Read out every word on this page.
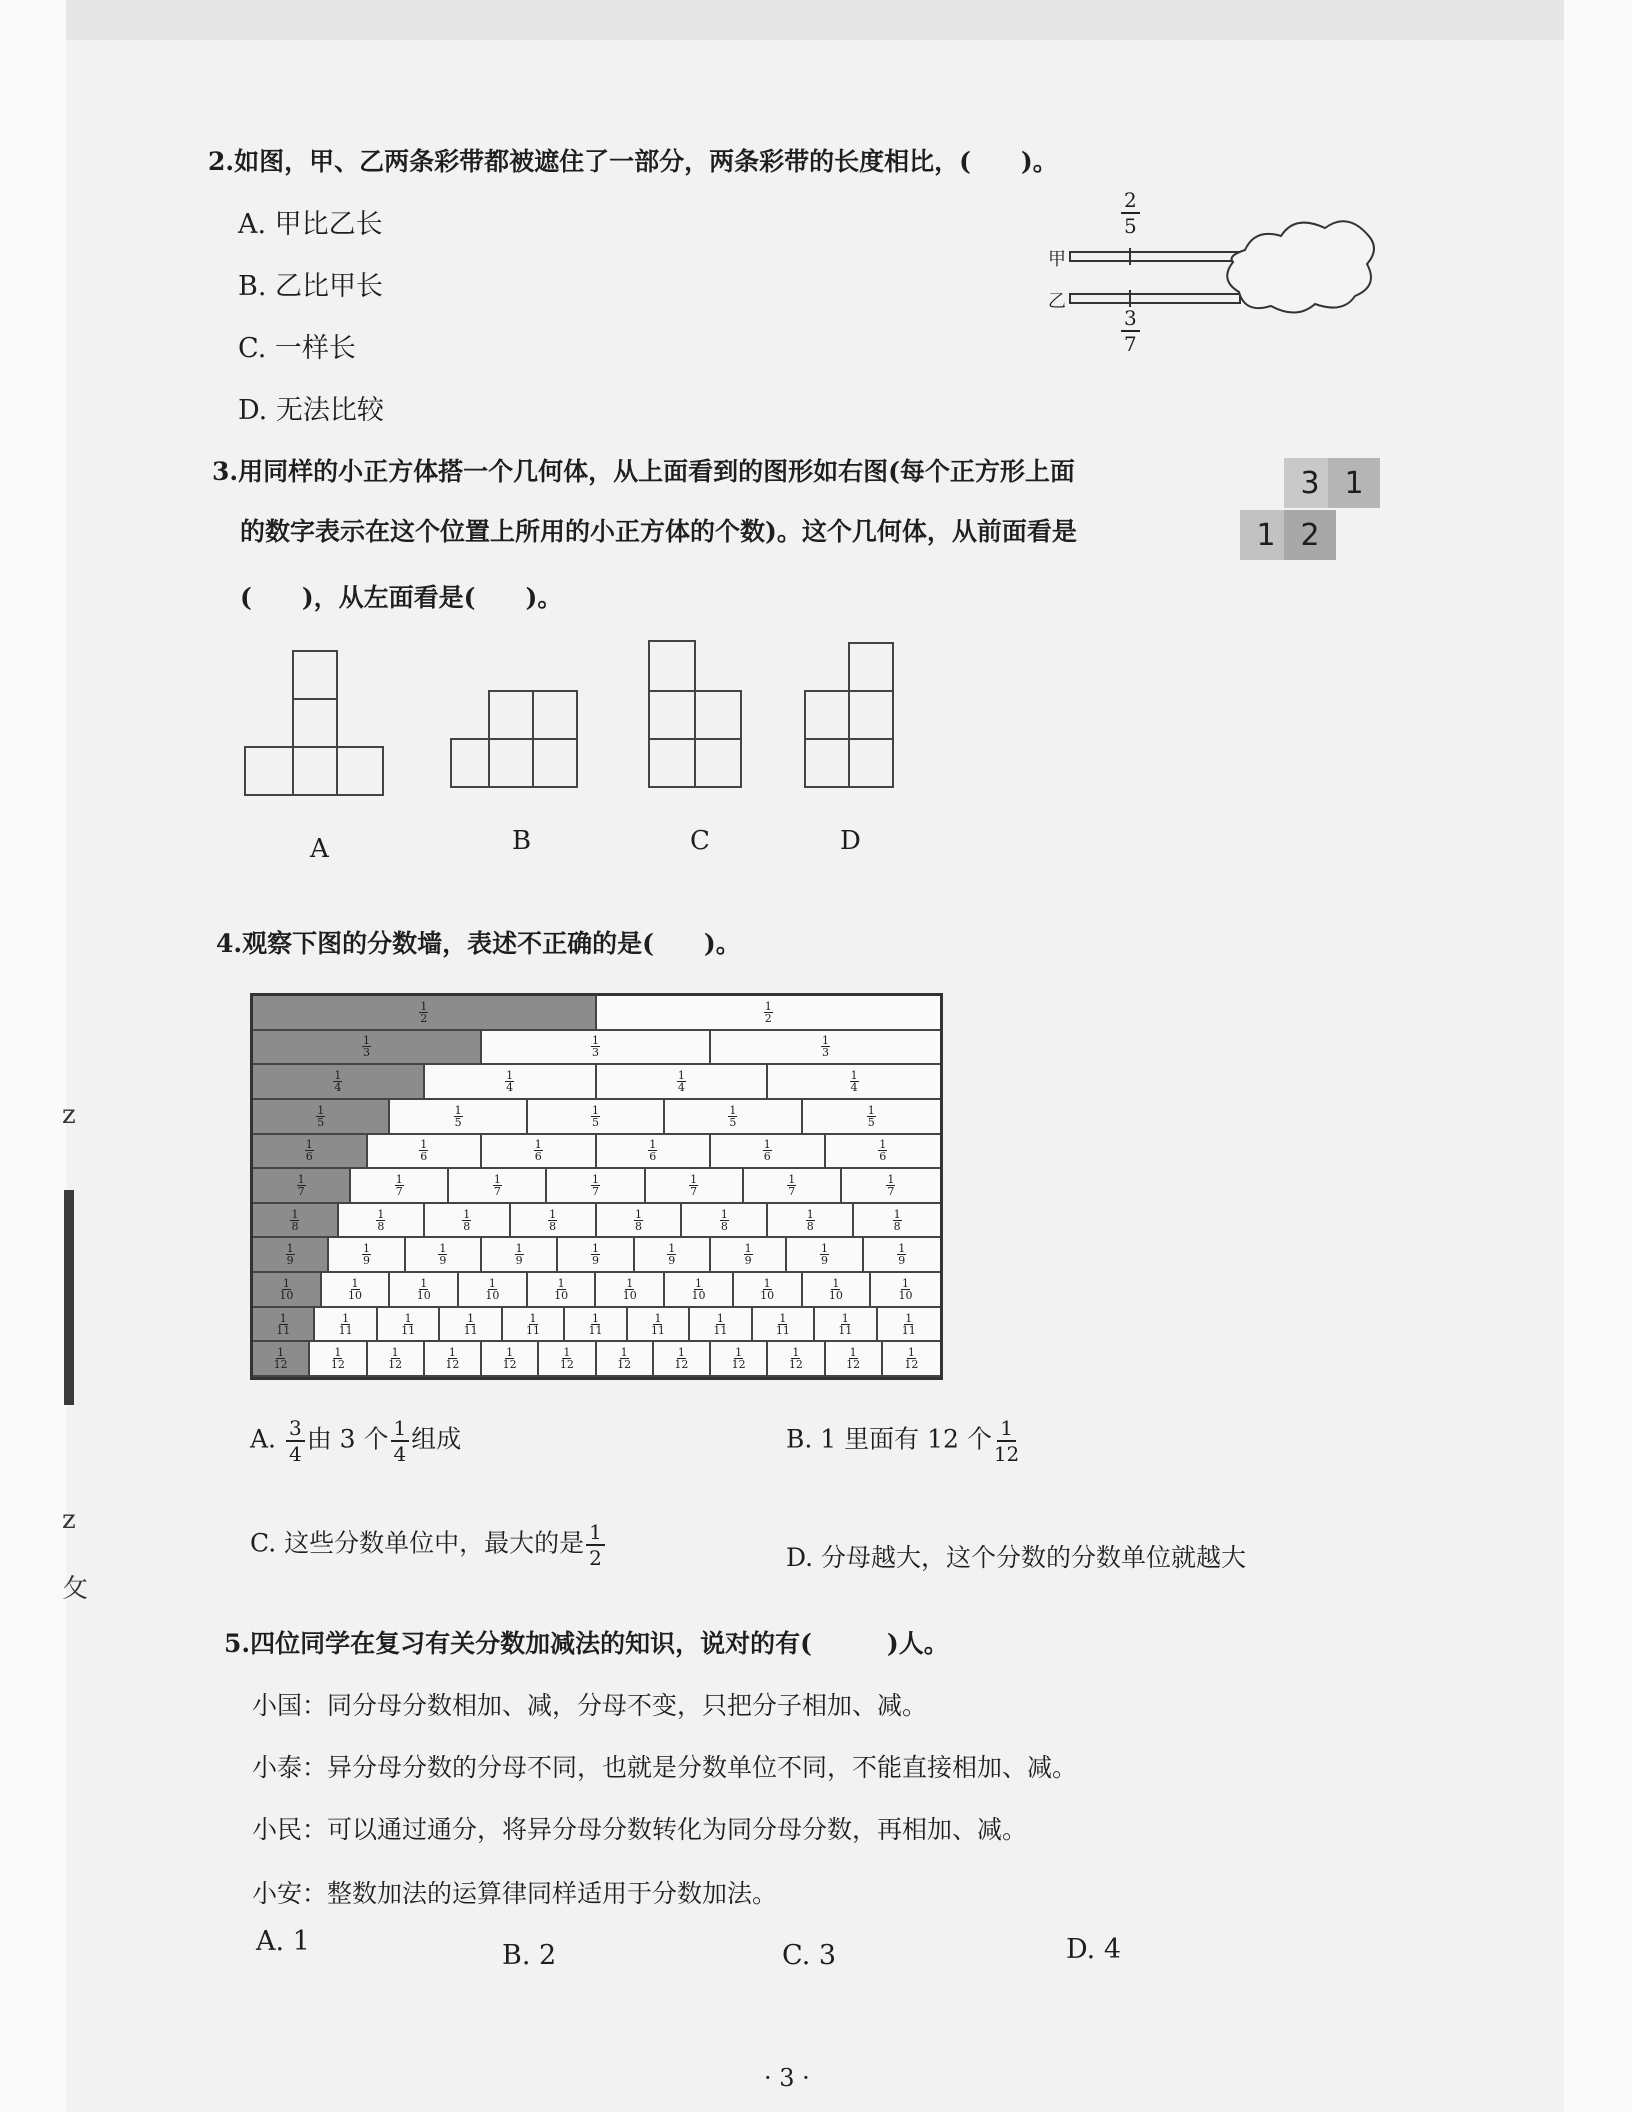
z
z
攵
2.如图，甲、乙两条彩带都被遮住了一部分，两条彩带的长度相比，(　　)。
A. 甲比乙长
B. 乙比甲长
C. 一样长
D. 无法比较
甲
乙
$\frac{2}{5}$
$\frac{3}{7}$
3.用同样的小正方体搭一个几何体，从上面看到的图形如右图(每个正方形上面
的数字表示在这个位置上所用的小正方体的个数)。这个几何体，从前面看是
(　　)，从左面看是(　　)。
3 1
1 2
A	B	C	D
4.观察下图的分数墙，表述不正确的是(　　)。
$\frac{1}{2}$	$\frac{1}{2}$
$\frac{1}{3}$	$\frac{1}{3}$	$\frac{1}{3}$
$\frac{1}{4}$	$\frac{1}{4}$	$\frac{1}{4}$	$\frac{1}{4}$
$\frac{1}{5}$	$\frac{1}{5}$	$\frac{1}{5}$	$\frac{1}{5}$	$\frac{1}{5}$
$\frac{1}{6}$	$\frac{1}{6}$	$\frac{1}{6}$	$\frac{1}{6}$	$\frac{1}{6}$	$\frac{1}{6}$
$\frac{1}{7}$	$\frac{1}{7}$	$\frac{1}{7}$	$\frac{1}{7}$	$\frac{1}{7}$	$\frac{1}{7}$	$\frac{1}{7}$
$\frac{1}{8}$	$\frac{1}{8}$	$\frac{1}{8}$	$\frac{1}{8}$	$\frac{1}{8}$	$\frac{1}{8}$	$\frac{1}{8}$	$\frac{1}{8}$
$\frac{1}{9}$	$\frac{1}{9}$	$\frac{1}{9}$	$\frac{1}{9}$	$\frac{1}{9}$	$\frac{1}{9}$	$\frac{1}{9}$	$\frac{1}{9}$	$\frac{1}{9}$
$\frac{1}{10}$	$\frac{1}{10}$	$\frac{1}{10}$	$\frac{1}{10}$	$\frac{1}{10}$	$\frac{1}{10}$	$\frac{1}{10}$	$\frac{1}{10}$	$\frac{1}{10}$	$\frac{1}{10}$
$\frac{1}{11}$	$\frac{1}{11}$	$\frac{1}{11}$	$\frac{1}{11}$	$\frac{1}{11}$	$\frac{1}{11}$	$\frac{1}{11}$	$\frac{1}{11}$	$\frac{1}{11}$	$\frac{1}{11}$	$\frac{1}{11}$
$\frac{1}{12}$	$\frac{1}{12}$	$\frac{1}{12}$	$\frac{1}{12}$	$\frac{1}{12}$	$\frac{1}{12}$	$\frac{1}{12}$	$\frac{1}{12}$	$\frac{1}{12}$	$\frac{1}{12}$	$\frac{1}{12}$	$\frac{1}{12}$
A. $\frac{3}{4}$ 由 3 个 $\frac{1}{4}$ 组成	B. 1 里面有 12 个 $\frac{1}{12}$
C. 这些分数单位中，最大的是 $\frac{1}{2}$	D. 分母越大，这个分数的分数单位就越大
5.四位同学在复习有关分数加减法的知识，说对的有(　　　)人。
小国：同分母分数相加、减，分母不变，只把分子相加、减。
小泰：异分母分数的分母不同，也就是分数单位不同，不能直接相加、减。
小民：可以通过通分，将异分母分数转化为同分母分数，再相加、减。
小安：整数加法的运算律同样适用于分数加法。
A. 1	B. 2	C. 3	D. 4
· 3 ·
